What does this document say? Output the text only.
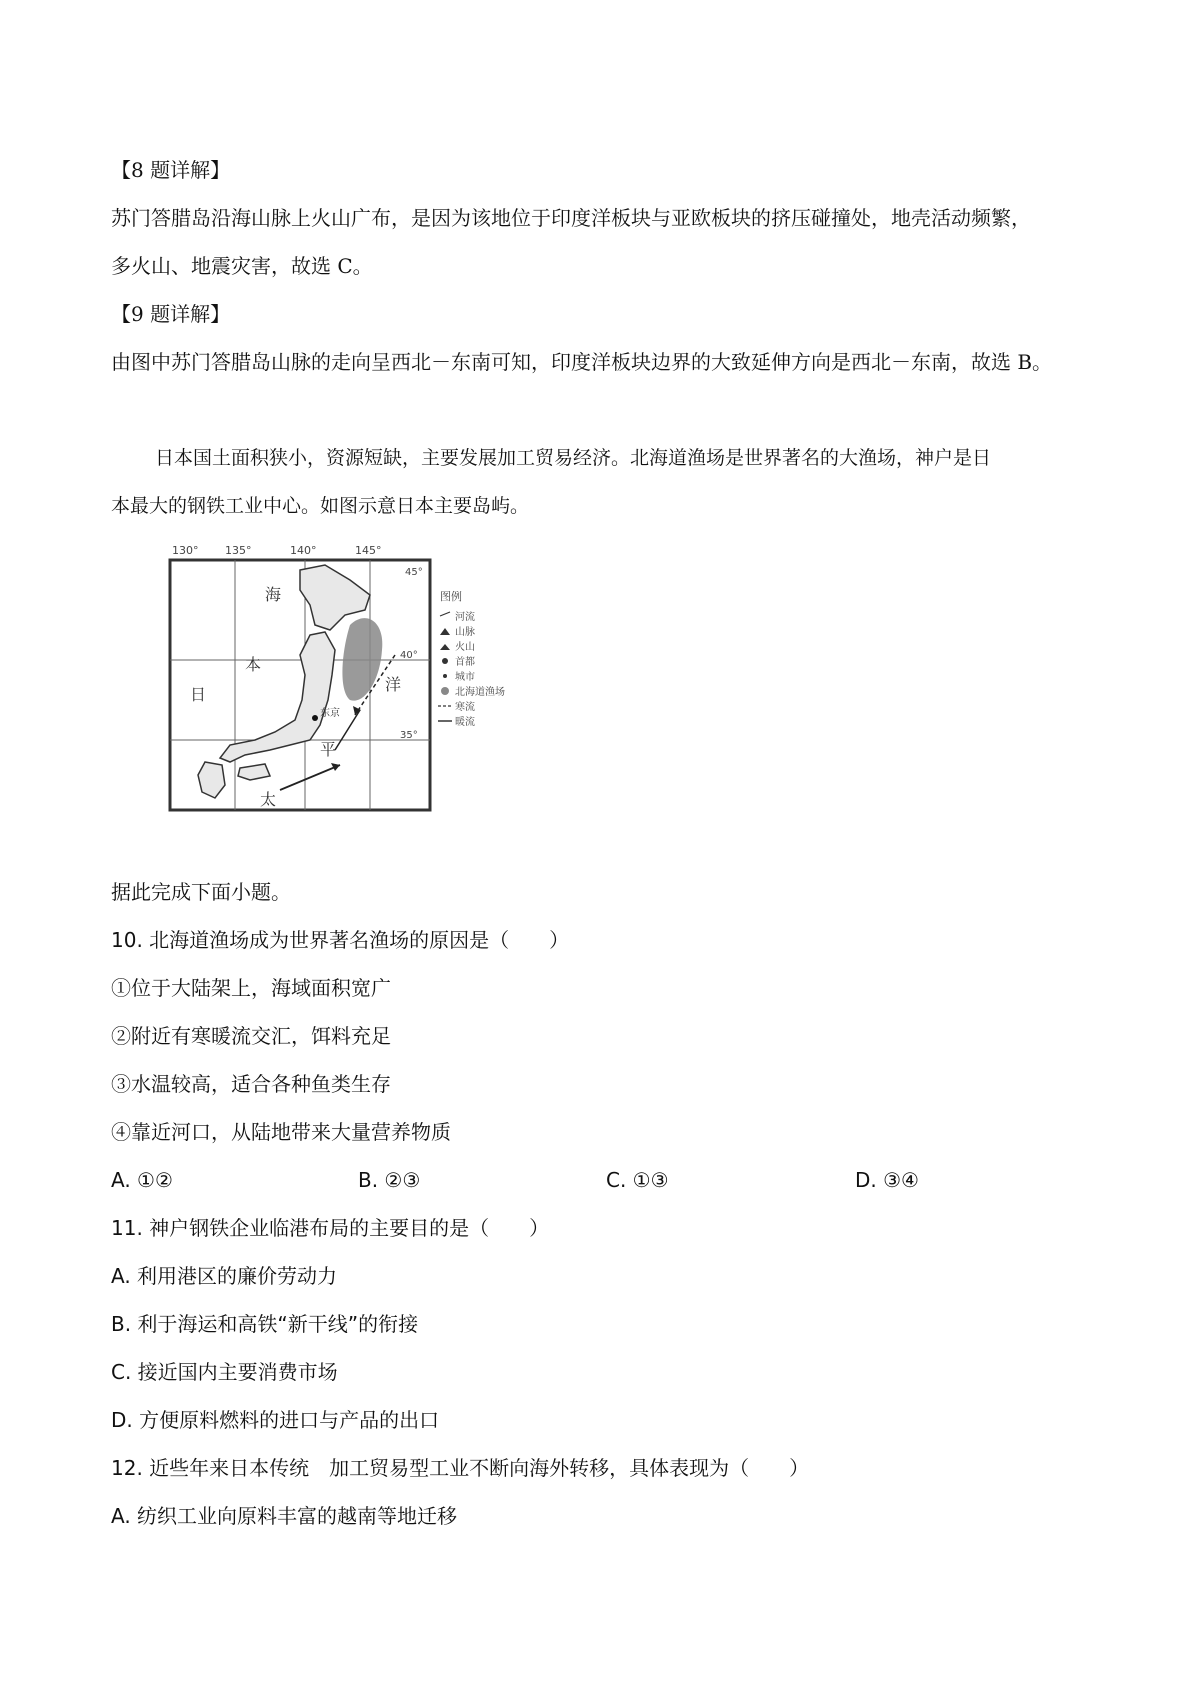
【8 题详解】
苏门答腊岛沿海山脉上火山广布，是因为该地位于印度洋板块与亚欧板块的挤压碰撞处，地壳活动频繁，
多火山、地震灾害，故选 C。
【9 题详解】
由图中苏门答腊岛山脉的走向呈西北－东南可知，印度洋板块边界的大致延伸方向是西北－东南，故选 B。
日本国土面积狭小，资源短缺，主要发展加工贸易经济。北海道渔场是世界著名的大渔场，神户是日
本最大的钢铁工业中心。如图示意日本主要岛屿。
130° 135°	140°	145°
45°
40°
35°
海
本
日
洋
平
太
东京
图例
河流
山脉
火山
首都
城市
北海道渔场
寒流
暖流
据此完成下面小题。
10. 北海道渔场成为世界著名渔场的原因是（　　）
①位于大陆架上，海域面积宽广
②附近有寒暖流交汇，饵料充足
③水温较高，适合各种鱼类生存
④靠近河口，从陆地带来大量营养物质
A. ①②	B. ②③	C. ①③	D. ③④
11. 神户钢铁企业临港布局的主要目的是（　　）
A. 利用港区的廉价劳动力
B. 利于海运和高铁“新干线”的衔接
C. 接近国内主要消费市场
D. 方便原料燃料的进口与产品的出口
12. 近些年来日本传统　加工贸易型工业不断向海外转移，具体表现为（　　）
A. 纺织工业向原料丰富的越南等地迁移
